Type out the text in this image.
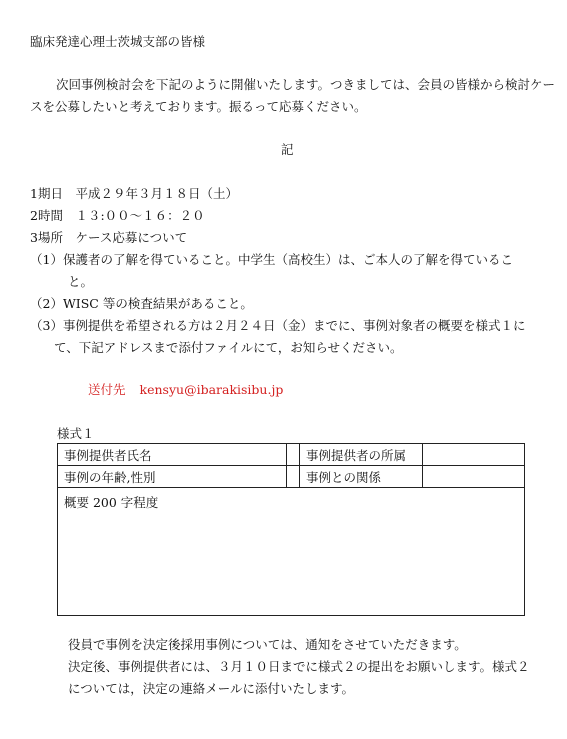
臨床発達心理士茨城支部の皆様
次回事例検討会を下記のように開催いたします。つきましては、会員の皆様から検討ケー
スを公募したいと考えております。振るって応募ください。
記
1期日　平成２９年３月１８日（土）
2時間　１３:００～１６：２０
3場所　ケース応募について
（1）保護者の了解を得ていること。中学生（高校生）は、ご本人の了解を得ているこ
と。
（2）WISC 等の検査結果があること。
（3）事例提供を希望される方は２月２４日（金）までに、事例対象者の概要を様式１に
て、下記アドレスまで添付ファイルにて，お知らせください。
送付先 kensyu@ibarakisibu.jp
様式１
事例提供者氏名		事例提供者の所属	
事例の年齢,性別		事例との関係	
概要 200 字程度			
役員で事例を決定後採用事例については、通知をさせていただきます。
決定後、事例提供者には、３月１０日までに様式２の提出をお願いします。様式２
については，決定の連絡メールに添付いたします。
